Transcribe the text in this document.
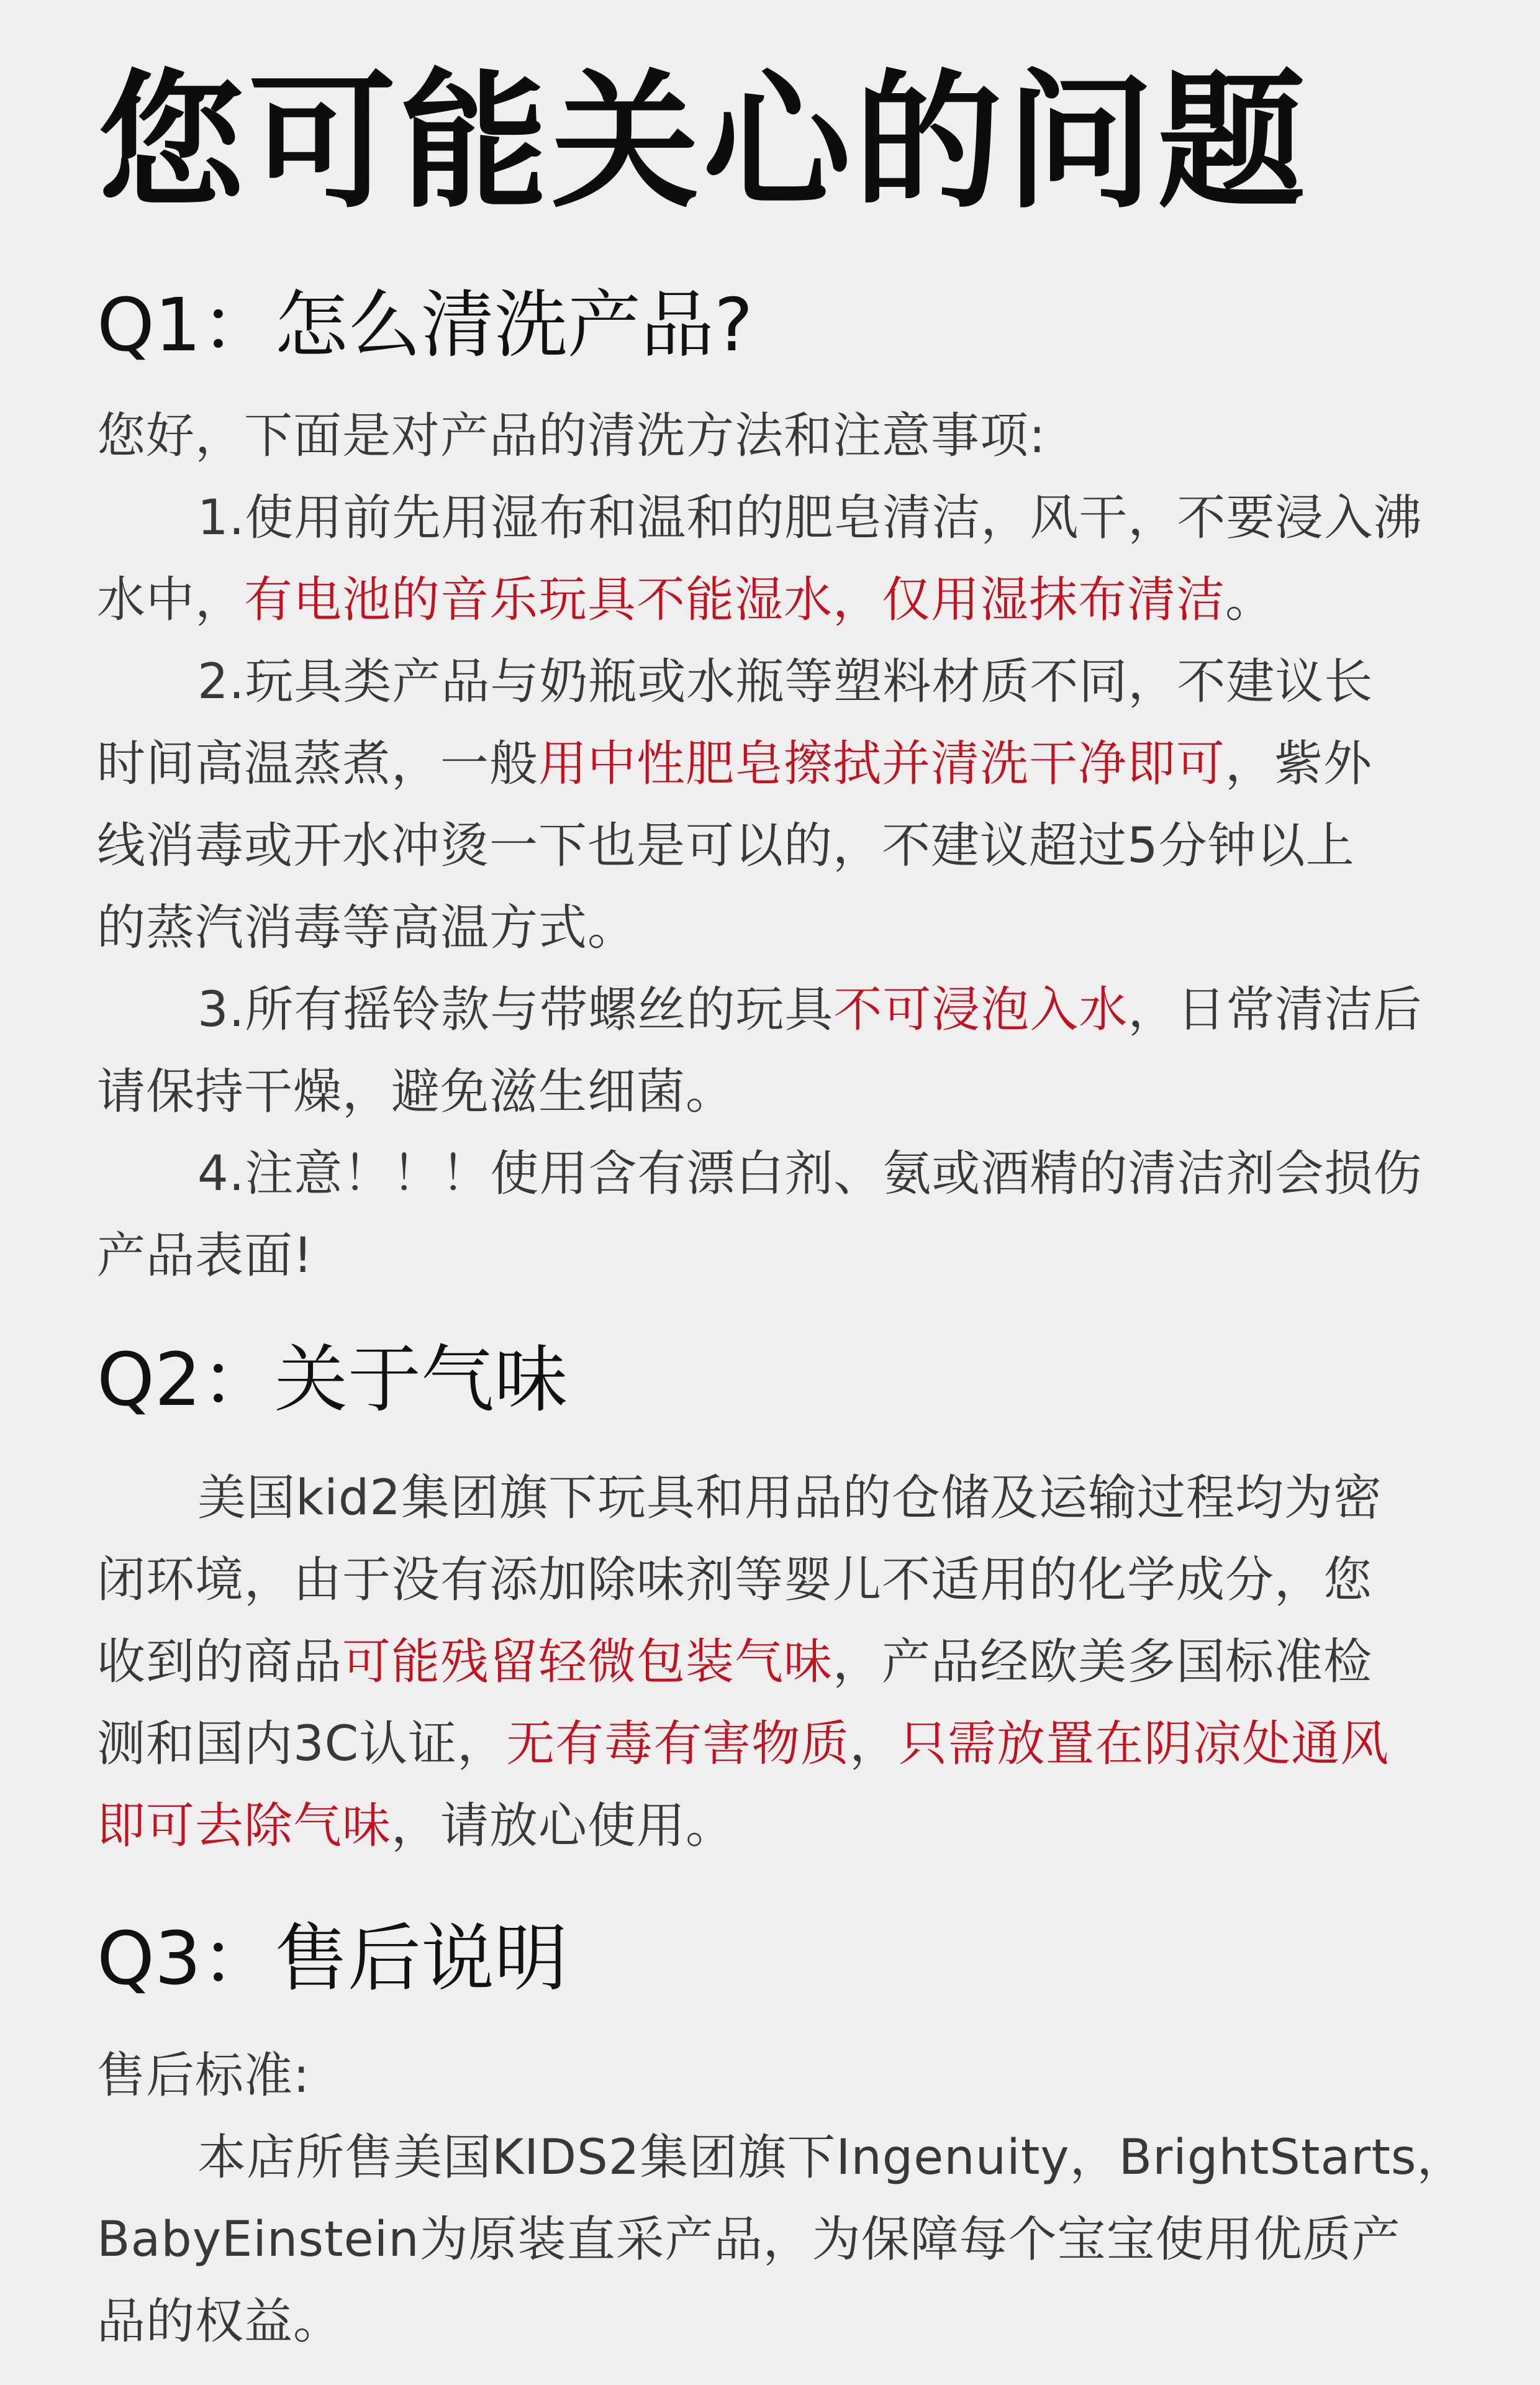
您可能关心的问题
Q1：怎么清洗产品?
您好，下面是对产品的清洗方法和注意事项:
1.使用前先用湿布和温和的肥皂清洁，风干，不要浸入沸
水中，有电池的音乐玩具不能湿水，仅用湿抹布清洁。
2.玩具类产品与奶瓶或水瓶等塑料材质不同，不建议长
时间高温蒸煮，一般用中性肥皂擦拭并清洗干净即可，紫外
线消毒或开水冲烫一下也是可以的，不建议超过5分钟以上
的蒸汽消毒等高温方式。
3.所有摇铃款与带螺丝的玩具不可浸泡入水，日常清洁后
请保持干燥，避免滋生细菌。
4.注意！！！使用含有漂白剂、氨或酒精的清洁剂会损伤
产品表面!
Q2：关于气味
美国kid2集团旗下玩具和用品的仓储及运输过程均为密
闭环境，由于没有添加除味剂等婴儿不适用的化学成分，您
收到的商品可能残留轻微包装气味，产品经欧美多国标准检
测和国内3C认证，无有毒有害物质，只需放置在阴凉处通风
即可去除气味，请放心使用。
Q3：售后说明
售后标准:
本店所售美国KIDS2集团旗下Ingenuity，BrightStarts，
BabyEinstein为原装直采产品，为保障每个宝宝使用优质产
品的权益。
